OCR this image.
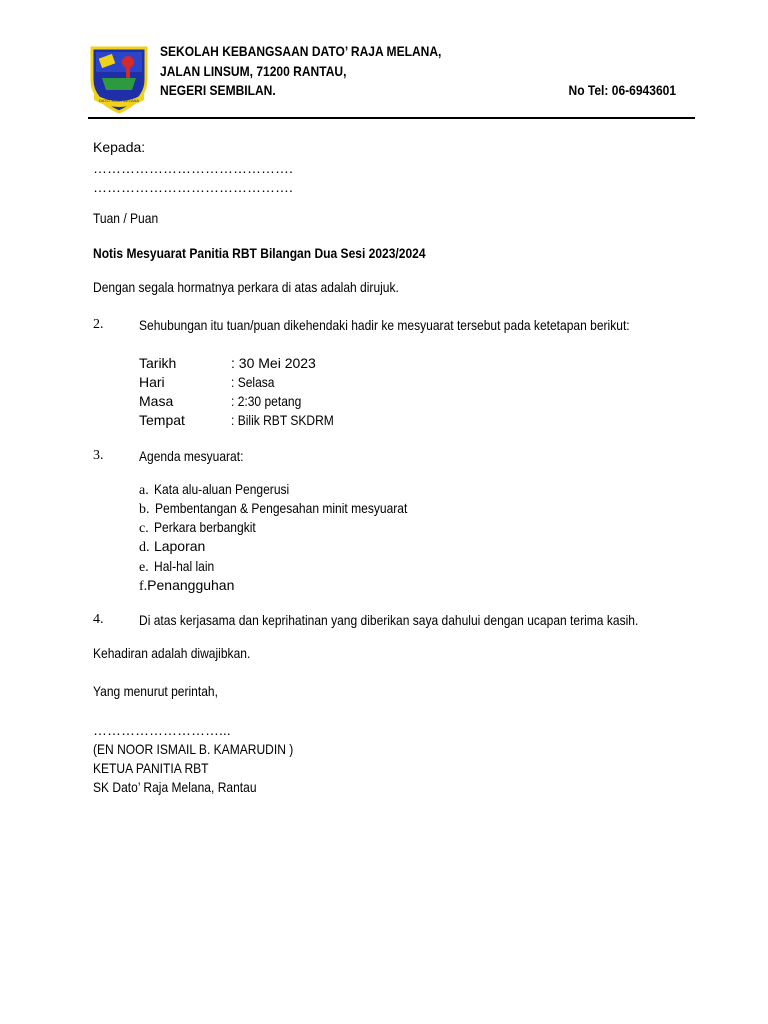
DATO' RAJA MELANA
SEKOLAH KEBANGSAAN DATO’ RAJA MELANA,
JALAN LINSUM, 71200 RANTAU,
NEGERI SEMBILAN.	No Tel: 06-6943601
Kepada:
…………………………………….
…………………………………….
Tuan / Puan
Notis Mesyuarat Panitia RBT Bilangan Dua Sesi 2023/2024
Dengan segala hormatnya perkara di atas adalah dirujuk.
2.	Sehubungan itu tuan/puan dikehendaki hadir ke mesyuarat tersebut pada ketetapan berikut:
Tarikh	: 30 Mei 2023
Hari	: Selasa
Masa	: 2:30 petang
Tempat	: Bilik RBT SKDRM
3.	Agenda mesyuarat:
a. Kata alu-aluan Pengerusi
b. Pembentangan & Pengesahan minit mesyuarat
c. Perkara berbangkit
d. Laporan
e. Hal-hal lain
f.Penangguhan
4.	Di atas kerjasama dan keprihatinan yang diberikan saya dahului dengan ucapan terima kasih.
Kehadiran adalah diwajibkan.
Yang menurut perintah,
………………………...
(EN NOOR ISMAIL B. KAMARUDIN )
KETUA PANITIA RBT
SK Dato’ Raja Melana, Rantau
